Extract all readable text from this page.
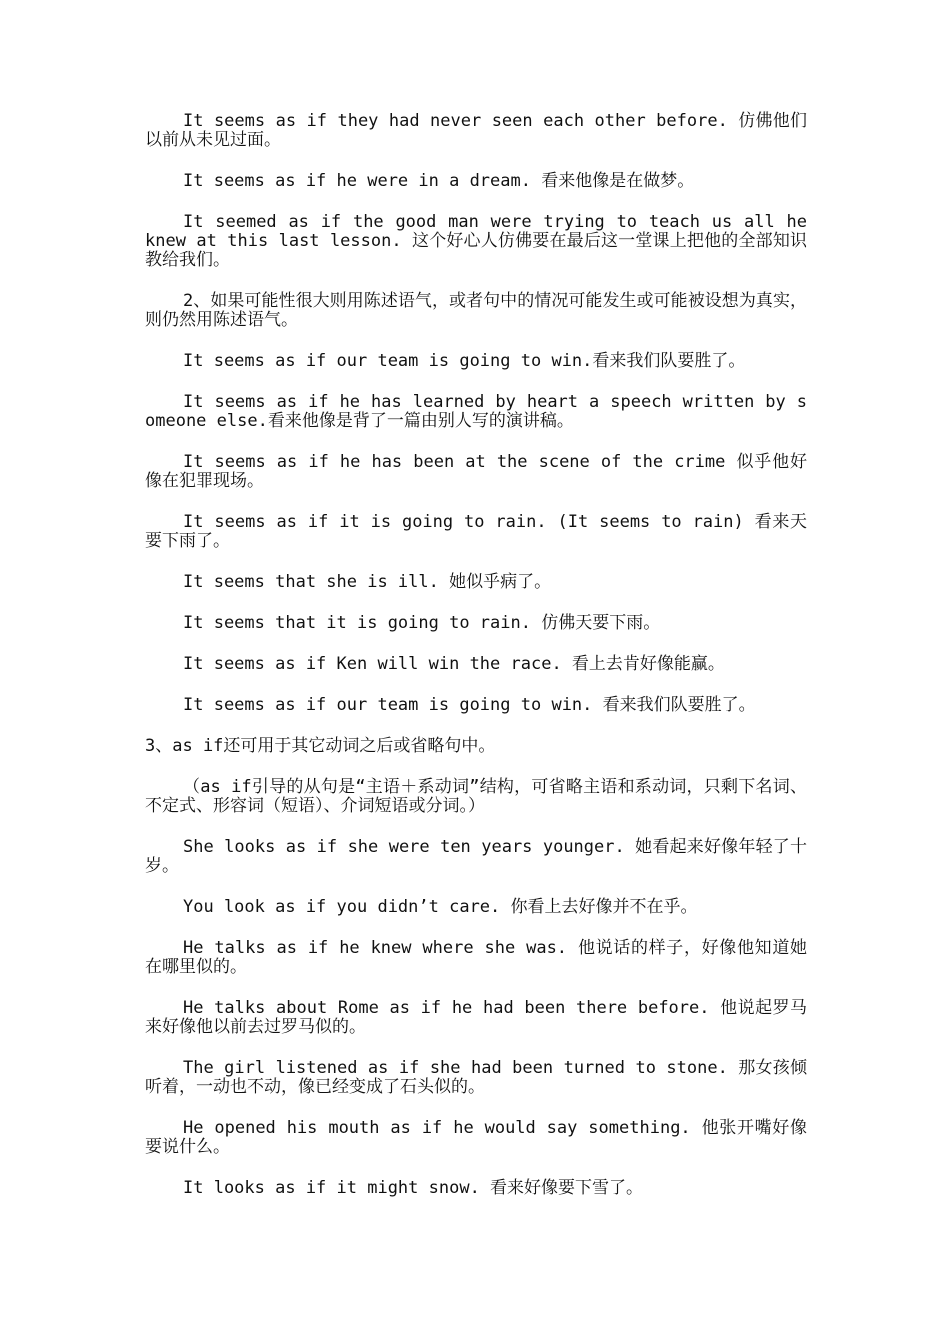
It seems as if they had never seen each other before. 仿佛他们以前从未见过面。

It seems as if he were in a dream. 看来他像是在做梦。

It seemed as if the good man were trying to teach us all he knew at this last lesson. 这个好心人仿佛要在最后这一堂课上把他的全部知识教给我们。

2、如果可能性很大则用陈述语气，或者句中的情况可能发生或可能被设想为真实，则仍然用陈述语气。

It seems as if our team is going to win.看来我们队要胜了。

It seems as if he has learned by heart a speech written by someone else.看来他像是背了一篇由别人写的演讲稿。

It seems as if he has been at the scene of the crime 似乎他好像在犯罪现场。

It seems as if it is going to rain. (It seems to rain) 看来天要下雨了。

It seems that she is ill. 她似乎病了。

It seems that it is going to rain. 仿佛天要下雨。

It seems as if Ken will win the race. 看上去肯好像能赢。

It seems as if our team is going to win. 看来我们队要胜了。

3、as if还可用于其它动词之后或省略句中。

（as if引导的从句是“主语＋系动词”结构，可省略主语和系动词，只剩下名词、不定式、形容词（短语）、介词短语或分词。）

She looks as if she were ten years younger. 她看起来好像年轻了十岁。

You look as if you didn’t care. 你看上去好像并不在乎。

He talks as if he knew where she was. 他说话的样子，好像他知道她在哪里似的。

He talks about Rome as if he had been there before. 他说起罗马来好像他以前去过罗马似的。

The girl listened as if she had been turned to stone. 那女孩倾听着，一动也不动，像已经变成了石头似的。

He opened his mouth as if he would say something. 他张开嘴好像要说什么。

It looks as if it might snow. 看来好像要下雪了。
